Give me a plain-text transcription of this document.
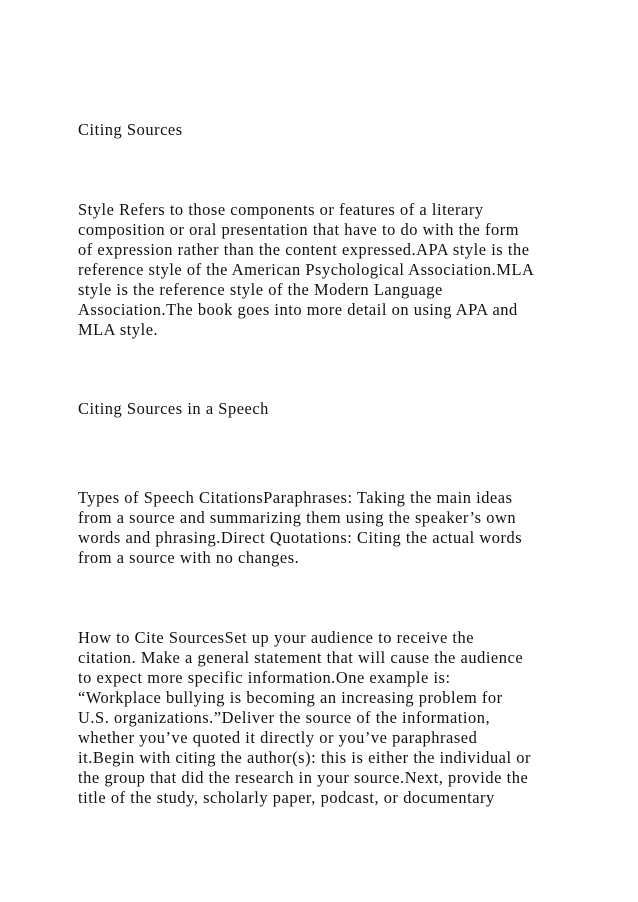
Citing Sources

Style Refers to those components or features of a literary

composition or oral presentation that have to do with the form

of expression rather than the content expressed.APA style is the

reference style of the American Psychological Association.MLA

style is the reference style of the Modern Language

Association.The book goes into more detail on using APA and

MLA style.

Citing Sources in a Speech

Types of Speech CitationsParaphrases: Taking the main ideas

from a source and summarizing them using the speaker’s own

words and phrasing.Direct Quotations: Citing the actual words

from a source with no changes.

How to Cite SourcesSet up your audience to receive the

citation. Make a general statement that will cause the audience

to expect more specific information.One example is:

“Workplace bullying is becoming an increasing problem for

U.S. organizations.”Deliver the source of the information,

whether you’ve quoted it directly or you’ve paraphrased

it.Begin with citing the author(s): this is either the individual or

the group that did the research in your source.Next, provide the

title of the study, scholarly paper, podcast, or documentary
